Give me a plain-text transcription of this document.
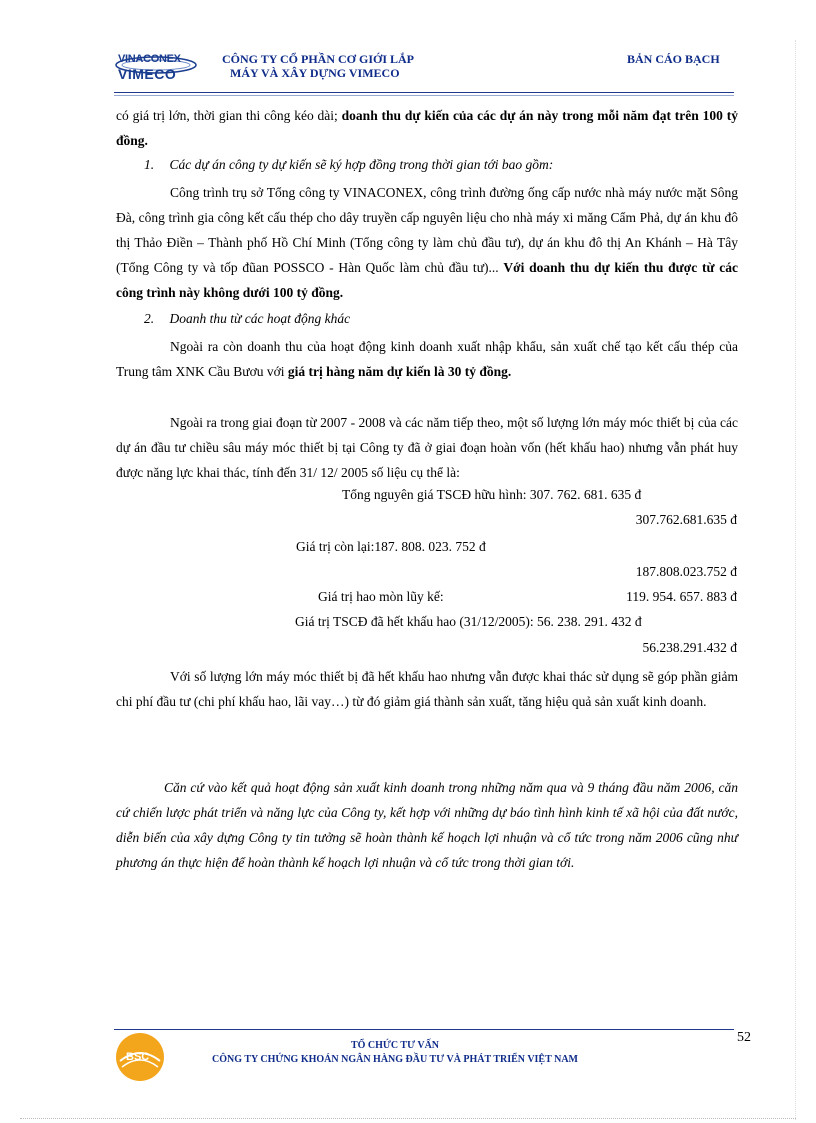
VINACONEX
VIMECO
CÔNG TY CỔ PHẦN CƠ GIỚI LẮP
MÁY VÀ XÂY DỰNG VIMECO
BẢN CÁO BẠCH
có giá trị lớn, thời gian thi công kéo dài; doanh thu dự kiến của các dự án này trong mỗi năm đạt trên 100 tỷ đồng.
1. Các dự án công ty dự kiến sẽ ký hợp đồng trong thời gian tới bao gồm:
Công trình trụ sở Tổng công ty VINACONEX, công trình đường ống cấp nước nhà máy nước mặt Sông Đà, công trình gia công kết cấu thép cho dây truyền cấp nguyên liệu cho nhà máy xi măng Cẩm Phả, dự án khu đô thị Thảo Điền – Thành phố Hồ Chí Minh (Tổng công ty làm chủ đầu tư), dự án khu đô thị An Khánh – Hà Tây (Tổng Công ty và tốp đũan POSSCO - Hàn Quốc làm chủ đầu tư)... Với doanh thu dự kiến thu được từ các công trình này không dưới 100 tỷ đồng.
2. Doanh thu từ các hoạt động khác
Ngoài ra còn doanh thu của hoạt động kinh doanh xuất nhập khẩu, sản xuất chế tạo kết cấu thép của Trung tâm XNK Cầu Bươu với giá trị hàng năm dự kiến là 30 tỷ đồng.
Ngoài ra trong giai đoạn từ 2007 - 2008 và các năm tiếp theo, một số lượng lớn máy móc thiết bị của các dự án đầu tư chiều sâu máy móc thiết bị tại Công ty đã ở giai đoạn hoàn vốn (hết khấu hao) nhưng vẫn phát huy được năng lực khai thác, tính đến 31/ 12/ 2005 số liệu cụ thể là:
Tổng nguyên giá TSCĐ hữu hình: 307. 762. 681. 635 đ
307.762.681.635 đ
Giá trị còn lại:187. 808. 023. 752 đ
187.808.023.752 đ
Giá trị hao mòn lũy kế:	119. 954. 657. 883 đ
Giá trị TSCĐ đã hết khấu hao (31/12/2005): 56. 238. 291. 432 đ
56.238.291.432 đ
Với số lượng lớn máy móc thiết bị đã hết khấu hao nhưng vẫn được khai thác sử dụng sẽ góp phần giảm chi phí đầu tư (chi phí khấu hao, lãi vay…) từ đó giảm giá thành sản xuất, tăng hiệu quả sản xuất kinh doanh.
Căn cứ vào kết quả hoạt động sản xuất kinh doanh trong những năm qua và 9 tháng đầu năm 2006, căn cứ chiến lược phát triển và năng lực của Công ty, kết hợp với những dự báo tình hình kinh tế xã hội của đất nước, diễn biến của xây dựng Công ty tin tưởng sẽ hoàn thành kế hoạch lợi nhuận và cổ tức trong năm 2006 cũng như phương án thực hiện để hoàn thành kế hoạch lợi nhuận và cổ tức trong thời gian tới.
BSC
TỔ CHỨC TƯ VẤN
CÔNG TY CHỨNG KHOÁN NGÂN HÀNG ĐẦU TƯ VÀ PHÁT TRIỂN VIỆT NAM
52
